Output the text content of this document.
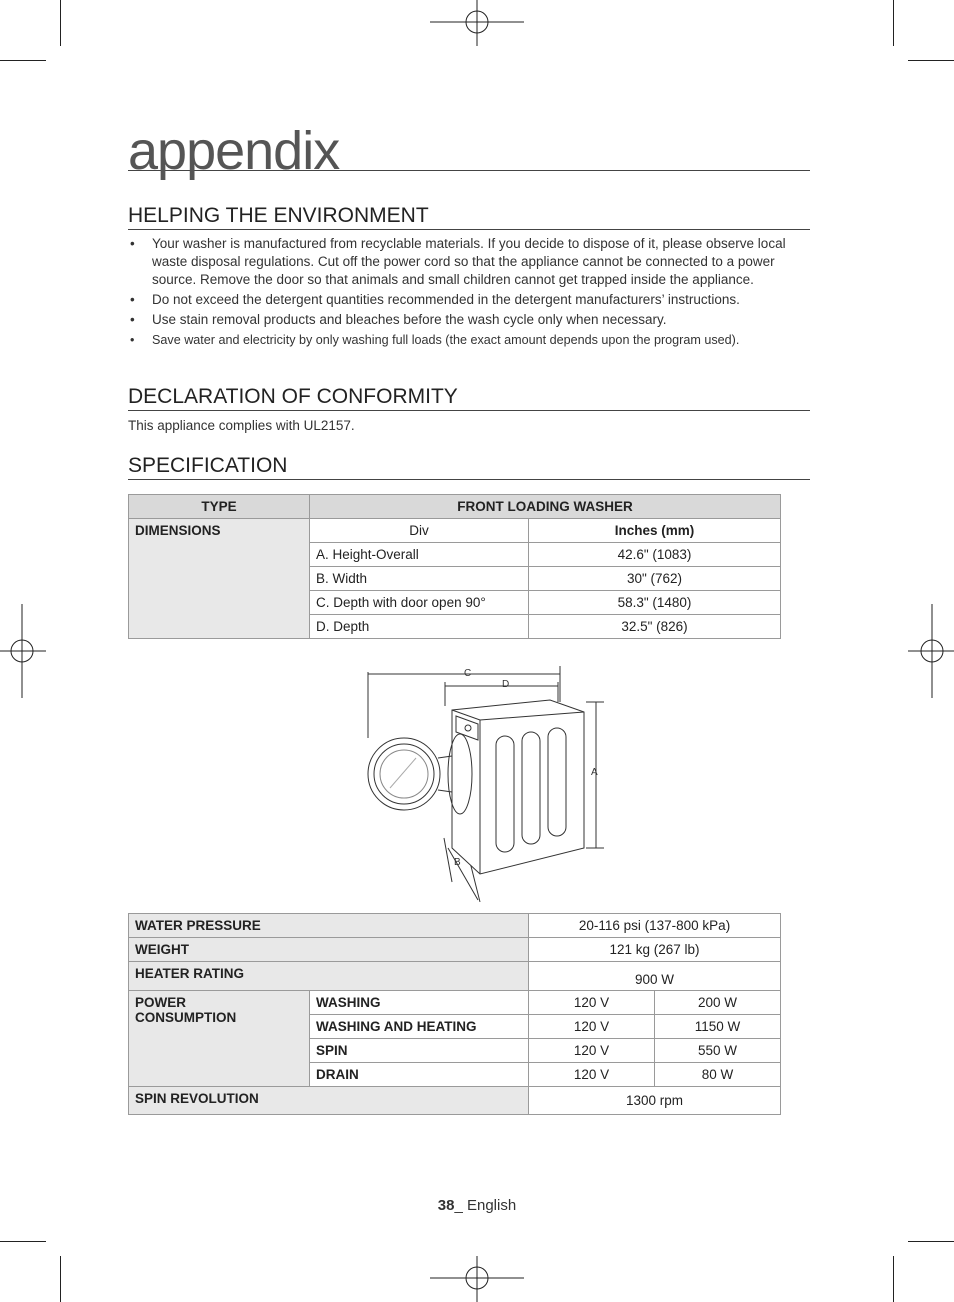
appendix
HELPING THE ENVIRONMENT
• Your washer is manufactured from recyclable materials. If you decide to dispose of it, please observe local waste disposal regulations. Cut off the power cord so that the appliance cannot be connected to a power source. Remove the door so that animals and small children cannot get trapped inside the appliance.
• Do not exceed the detergent quantities recommended in the detergent manufacturers’ instructions.
• Use stain removal products and bleaches before the wash cycle only when necessary.
• Save water and electricity by only washing full loads (the exact amount depends upon the program used).
DECLARATION OF CONFORMITY
This appliance complies with UL2157.
SPECIFICATION
TYPE	FRONT LOADING WASHER	
DIMENSIONS	Div	Inches (mm)
	A. Height-Overall	42.6" (1083)
	B. Width	30" (762)
	C. Depth with door open 90°	58.3" (1480)
	D. Depth	32.5" (826)
C
D
A
B
WATER PRESSURE		20-116 psi (137-800 kPa)	
WEIGHT		121 kg (267 lb)	
HEATER RATING		900 W	

POWER
CONSUMPTION	WASHING	120 V	200 W
	WASHING AND HEATING	120 V	1150 W
	SPIN	120 V	550 W
	DRAIN	120 V	80 W
SPIN REVOLUTION		1300 rpm	
38_ English
